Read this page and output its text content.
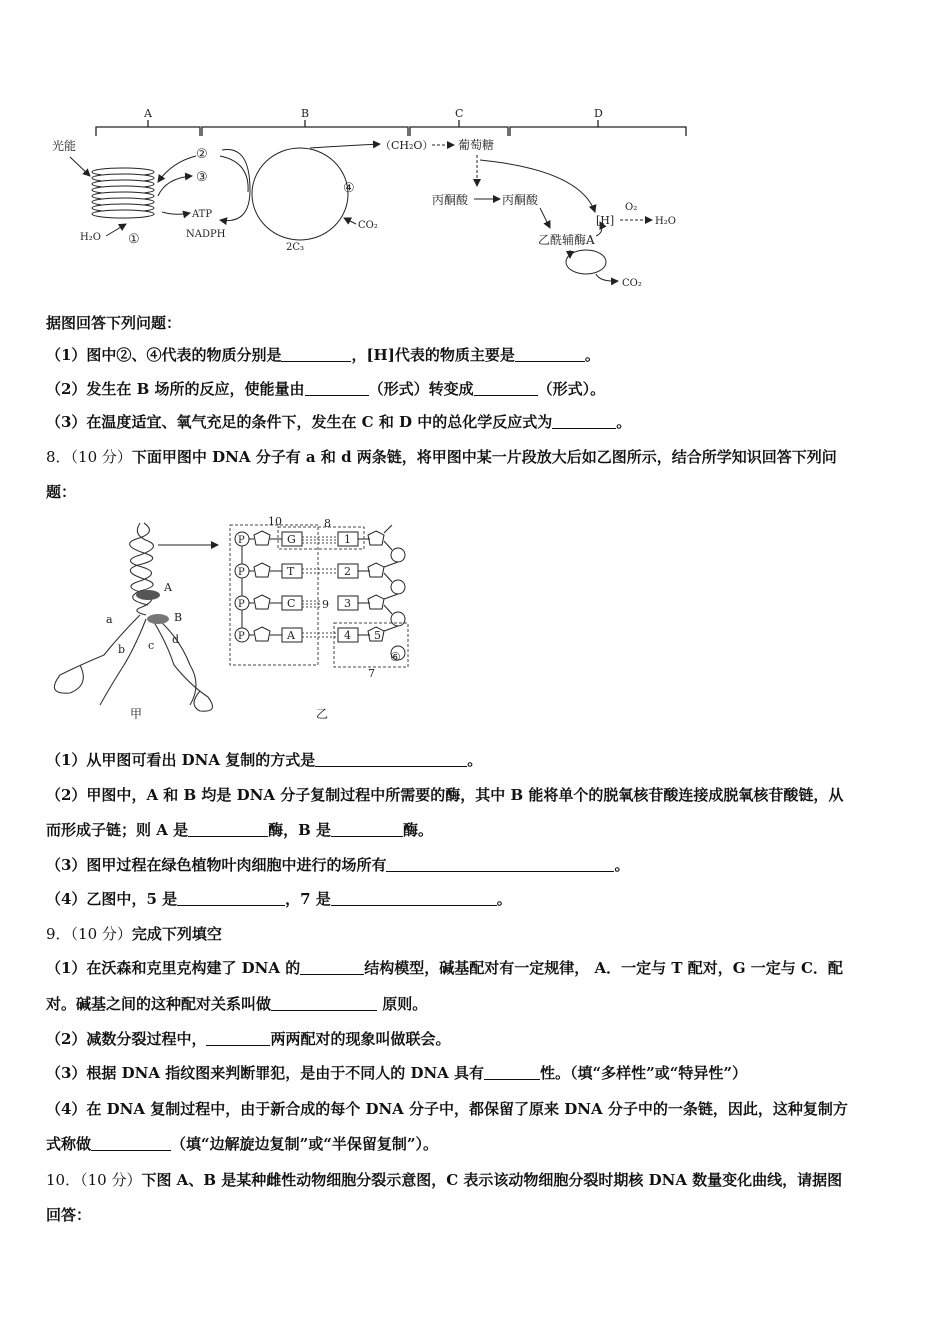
A	B	C	D
光能
H₂O ①
②
③
ATP
NADPH
④
CO₂
2C₃
（CH₂O） 葡萄糖
丙酮酸	丙酮酸
[H]
O₂
H₂O
乙酰辅酶A
CO₂
据图回答下列问题：
（1）图中②、④代表的物质分别是	，[H]代表的物质主要是	。
（2）发生在 B 场所的反应，使能量由	（形式）转变成	（形式）。
（3）在温度适宜、氧气充足的条件下，发生在 C 和 D 中的总化学反应式为	。
8．（10 分）下面甲图中 DNA 分子有 a 和 d 两条链，将甲图中某一片段放大后如乙图所示，结合所学知识回答下列问
题：
A
B
a
b c d
甲
10
P
P
P
P
G
T
C
A
1
2
3
4
8
9
5
⑥
7
乙
（1）从甲图可看出 DNA 复制的方式是	。
（2）甲图中，A 和 B 均是 DNA 分子复制过程中所需要的酶，其中 B 能将单个的脱氧核苷酸连接成脱氧核苷酸链，从
而形成子链；则 A 是	酶，B 是	酶。
（3）图甲过程在绿色植物叶肉细胞中进行的场所有	。
（4）乙图中，5 是	，7 是	。
9．（10 分）完成下列填空
（1）在沃森和克里克构建了 DNA 的	结构模型，碱基配对有一定规律， A．一定与 T 配对，G 一定与 C．配
对。碱基之间的这种配对关系叫做	原则。
（2）减数分裂过程中，	两两配对的现象叫做联会。
（3）根据 DNA 指纹图来判断罪犯，是由于不同人的 DNA 具有	性。（填“多样性”或“特异性”）
（4）在 DNA 复制过程中，由于新合成的每个 DNA 分子中，都保留了原来 DNA 分子中的一条链，因此，这种复制方
式称做	（填“边解旋边复制”或“半保留复制”）。
10．（10 分）下图 A、B 是某种雌性动物细胞分裂示意图，C 表示该动物细胞分裂时期核 DNA 数量变化曲线，请据图
回答：
